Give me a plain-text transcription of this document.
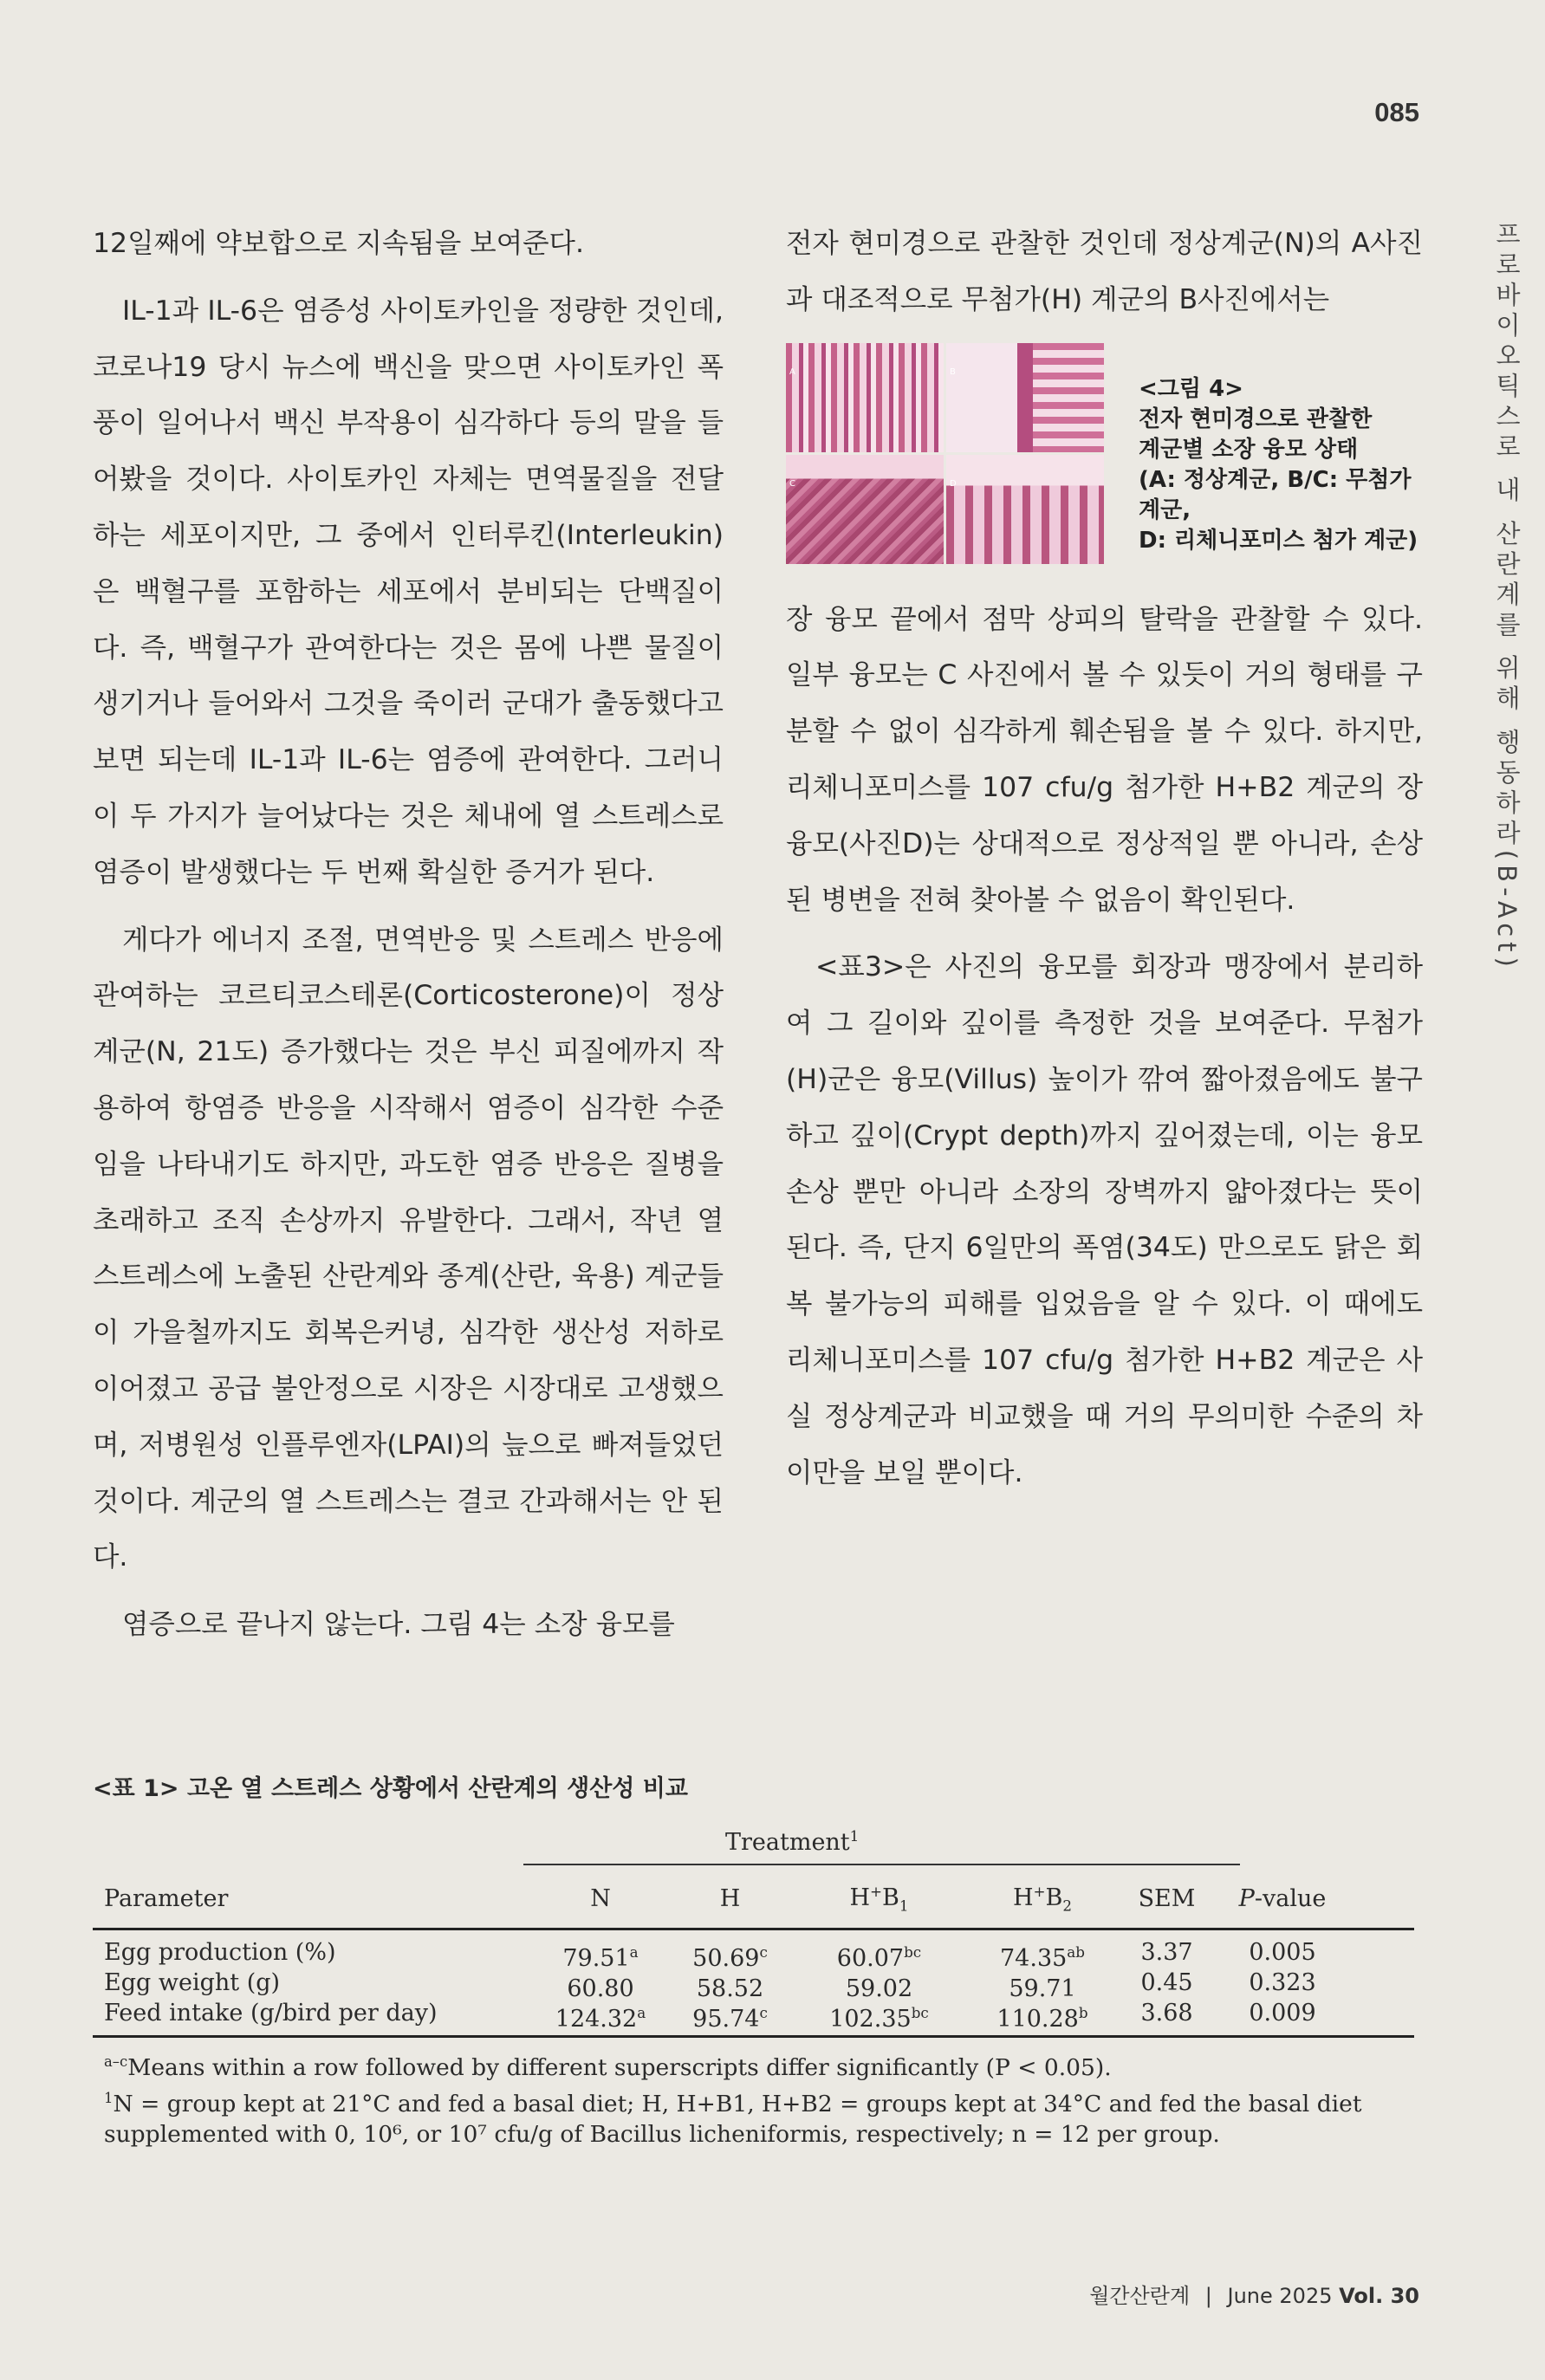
085
프로바이오틱스로 내 산란계를 위해 행동하라(B-Act)

12일째에 약보합으로 지속됨을 보여준다.

IL-1과 IL-6은 염증성 사이토카인을 정량한 것인데, 코로나19 당시 뉴스에 백신을 맞으면 사이토카인 폭풍이 일어나서 백신 부작용이 심각하다 등의 말을 들어봤을 것이다. 사이토카인 자체는 면역물질을 전달하는 세포이지만, 그 중에서 인터루킨(Interleukin)은 백혈구를 포함하는 세포에서 분비되는 단백질이다. 즉, 백혈구가 관여한다는 것은 몸에 나쁜 물질이 생기거나 들어와서 그것을 죽이러 군대가 출동했다고 보면 되는데 IL-1과 IL-6는 염증에 관여한다. 그러니 이 두 가지가 늘어났다는 것은 체내에 열 스트레스로 염증이 발생했다는 두 번째 확실한 증거가 된다.

게다가 에너지 조절, 면역반응 및 스트레스 반응에 관여하는 코르티코스테론(Corticosterone)이 정상계군(N, 21도) 증가했다는 것은 부신 피질에까지 작용하여 항염증 반응을 시작해서 염증이 심각한 수준임을 나타내기도 하지만, 과도한 염증 반응은 질병을 초래하고 조직 손상까지 유발한다. 그래서, 작년 열 스트레스에 노출된 산란계와 종계(산란, 육용) 계군들이 가을철까지도 회복은커녕, 심각한 생산성 저하로 이어졌고 공급 불안정으로 시장은 시장대로 고생했으며, 저병원성 인플루엔자(LPAI)의 늪으로 빠져들었던 것이다. 계군의 열 스트레스는 결코 간과해서는 안 된다.

염증으로 끝나지 않는다. 그림 4는 소장 융모를

전자 현미경으로 관찰한 것인데 정상계군(N)의 A사진과 대조적으로 무첨가(H) 계군의 B사진에서는

A	B
C	D
<그림 4>
전자 현미경으로 관찰한
계군별 소장 융모 상태
(A: 정상계군, B/C: 무첨가 계군,
D: 리체니포미스 첨가 계군)

장 융모 끝에서 점막 상피의 탈락을 관찰할 수 있다. 일부 융모는 C 사진에서 볼 수 있듯이 거의 형태를 구분할 수 없이 심각하게 훼손됨을 볼 수 있다. 하지만, 리체니포미스를 107 cfu/g 첨가한 H+B2 계군의 장 융모(사진D)는 상대적으로 정상적일 뿐 아니라, 손상된 병변을 전혀 찾아볼 수 없음이 확인된다.

<표3>은 사진의 융모를 회장과 맹장에서 분리하여 그 길이와 깊이를 측정한 것을 보여준다. 무첨가(H)군은 융모(Villus) 높이가 깎여 짧아졌음에도 불구하고 깊이(Crypt depth)까지 깊어졌는데, 이는 융모 손상 뿐만 아니라 소장의 장벽까지 얇아졌다는 뜻이 된다. 즉, 단지 6일만의 폭염(34도) 만으로도 닭은 회복 불가능의 피해를 입었음을 알 수 있다. 이 때에도 리체니포미스를 107 cfu/g 첨가한 H+B2 계군은 사실 정상계군과 비교했을 때 거의 무의미한 수준의 차이만을 보일 뿐이다.

<표 1> 고온 열 스트레스 상황에서 산란계의 생산성 비교
Treatment$^1$
Parameter	N	H	$H^+B_1$	$H^+B_2$	SEM	P-value
Egg production (%)	79.51$^a$	50.69$^c$	60.07$^{bc}$	74.35$^{ab}$	3.37	0.005
Egg weight (g)	60.80	58.52	59.02	59.71	0.45	0.323
Feed intake (g/bird per day)	124.32$^a$	95.74$^c$	102.35$^{bc}$	110.28$^b$	3.68	0.009
$^{a-c}$Means within a row followed by different superscripts differ significantly (P < 0.05).
$^1$N = group kept at 21°C and fed a basal diet; H, H+B1, H+B2 = groups kept at 34°C and fed the basal diet supplemented with 0, 10⁶, or 10⁷ cfu/g of Bacillus licheniformis, respectively; n = 12 per group.
월간산란계 | June 2025 Vol. 30
